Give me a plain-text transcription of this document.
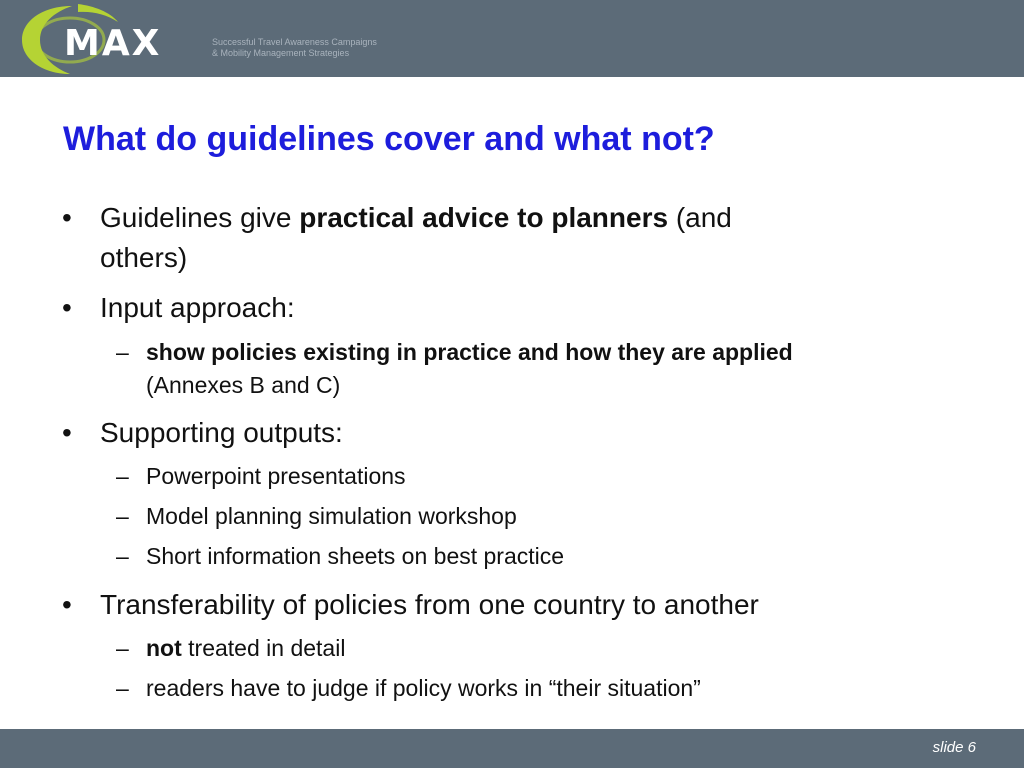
MAX	Successful Travel Awareness Campaigns
& Mobility Management Strategies
What do guidelines cover and what not?
• Guidelines give practical advice to planners (and
others)
• Input approach:
– show policies existing in practice and how they are applied
(Annexes B and C)
• Supporting outputs:
– Powerpoint presentations
– Model planning simulation workshop
– Short information sheets on best practice
• Transferability of policies from one country to another
– not treated in detail
– readers have to judge if policy works in “their situation”
slide 6
